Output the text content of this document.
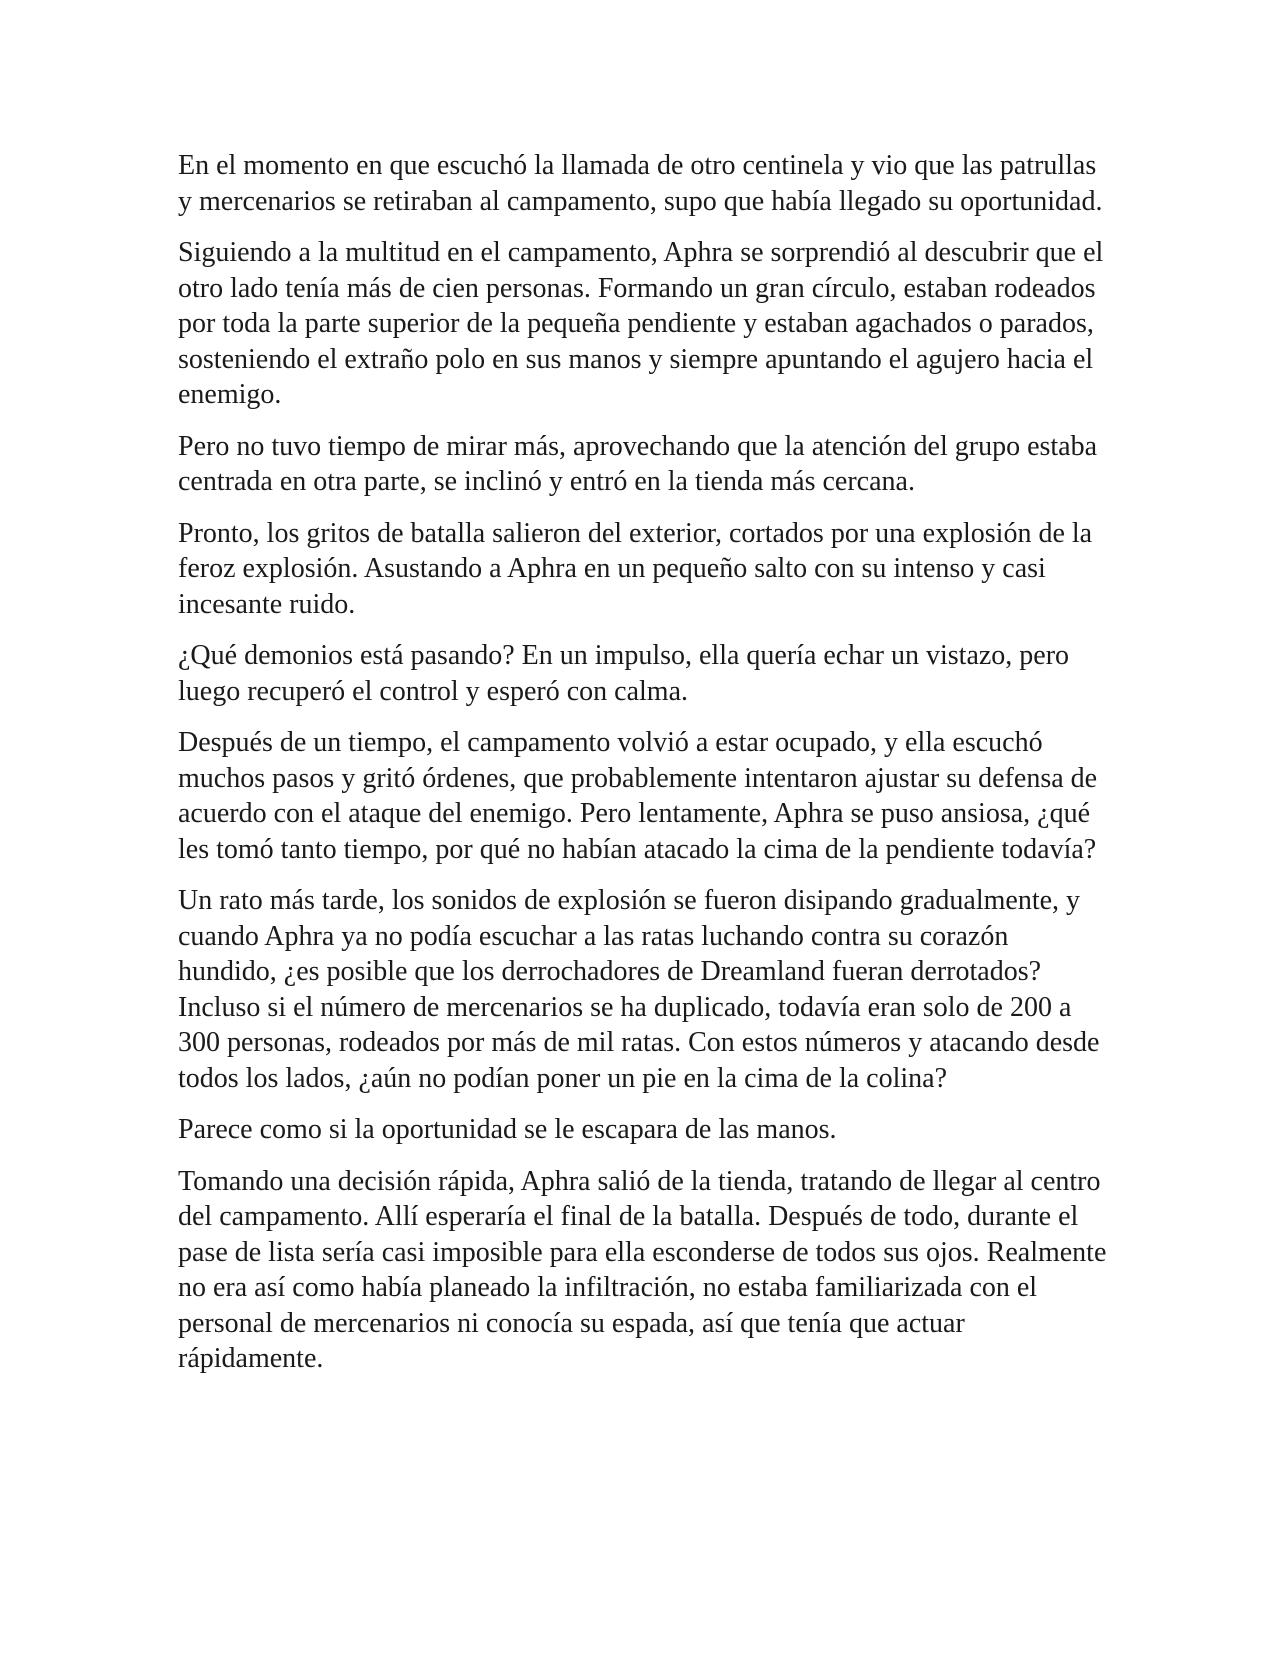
En el momento en que escuchó la llamada de otro centinela y vio que las patrullas y mercenarios se retiraban al campamento, supo que había llegado su oportunidad.

Siguiendo a la multitud en el campamento, Aphra se sorprendió al descubrir que el otro lado tenía más de cien personas. Formando un gran círculo, estaban rodeados por toda la parte superior de la pequeña pendiente y estaban agachados o parados, sosteniendo el extraño polo en sus manos y siempre apuntando el agujero hacia el enemigo.

Pero no tuvo tiempo de mirar más, aprovechando que la atención del grupo estaba centrada en otra parte, se inclinó y entró en la tienda más cercana.

Pronto, los gritos de batalla salieron del exterior, cortados por una explosión de la feroz explosión. Asustando a Aphra en un pequeño salto con su intenso y casi incesante ruido.

¿Qué demonios está pasando? En un impulso, ella quería echar un vistazo, pero luego recuperó el control y esperó con calma.

Después de un tiempo, el campamento volvió a estar ocupado, y ella escuchó muchos pasos y gritó órdenes, que probablemente intentaron ajustar su defensa de acuerdo con el ataque del enemigo. Pero lentamente, Aphra se puso ansiosa, ¿qué les tomó tanto tiempo, por qué no habían atacado la cima de la pendiente todavía?

Un rato más tarde, los sonidos de explosión se fueron disipando gradualmente, y cuando Aphra ya no podía escuchar a las ratas luchando contra su corazón hundido, ¿es posible que los derrochadores de Dreamland fueran derrotados? Incluso si el número de mercenarios se ha duplicado, todavía eran solo de 200 a 300 personas, rodeados por más de mil ratas. Con estos números y atacando desde todos los lados, ¿aún no podían poner un pie en la cima de la colina?

Parece como si la oportunidad se le escapara de las manos.

Tomando una decisión rápida, Aphra salió de la tienda, tratando de llegar al centro del campamento. Allí esperaría el final de la batalla. Después de todo, durante el pase de lista sería casi imposible para ella esconderse de todos sus ojos. Realmente no era así como había planeado la infiltración, no estaba familiarizada con el personal de mercenarios ni conocía su espada, así que tenía que actuar rápidamente.
